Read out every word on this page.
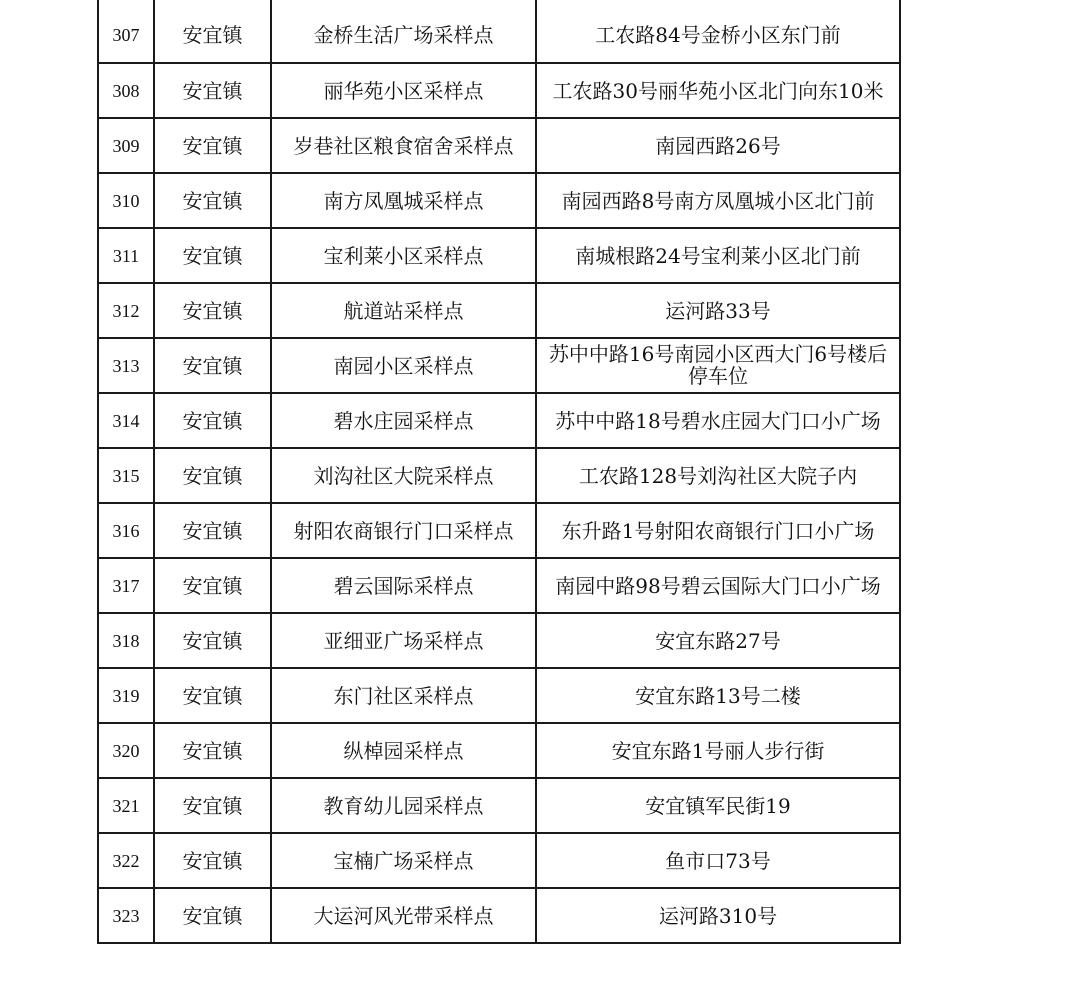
307	安宜镇	金桥生活广场采样点	工农路84号金桥小区东门前
308	安宜镇	丽华苑小区采样点	工农路30号丽华苑小区北门向东10米
309	安宜镇	岁巷社区粮食宿舍采样点	南园西路26号
310	安宜镇	南方凤凰城采样点	南园西路8号南方凤凰城小区北门前
311	安宜镇	宝利莱小区采样点	南城根路24号宝利莱小区北门前
312	安宜镇	航道站采样点	运河路33号
313	安宜镇	南园小区采样点	苏中中路16号南园小区西大门6号楼后停车位

314	安宜镇	碧水庄园采样点	苏中中路18号碧水庄园大门口小广场
315	安宜镇	刘沟社区大院采样点	工农路128号刘沟社区大院子内
316	安宜镇	射阳农商银行门口采样点	东升路1号射阳农商银行门口小广场
317	安宜镇	碧云国际采样点	南园中路98号碧云国际大门口小广场
318	安宜镇	亚细亚广场采样点	安宜东路27号
319	安宜镇	东门社区采样点	安宜东路13号二楼
320	安宜镇	纵棹园采样点	安宜东路1号丽人步行街
321	安宜镇	教育幼儿园采样点	安宜镇军民街19
322	安宜镇	宝楠广场采样点	鱼市口73号
323	安宜镇	大运河风光带采样点	运河路310号
